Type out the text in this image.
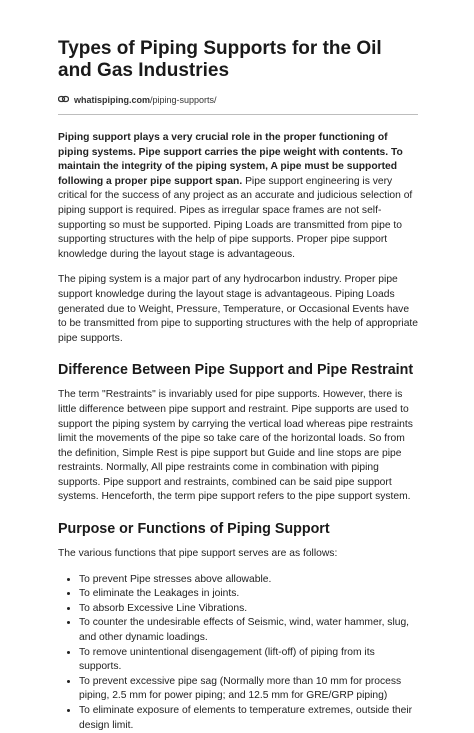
Types of Piping Supports for the Oil and Gas Industries
whatispiping.com/piping-supports/

Piping support plays a very crucial role in the proper functioning of piping systems. Pipe support carries the pipe weight with contents. To maintain the integrity of the piping system, A pipe must be supported following a proper pipe support span. Pipe support engineering is very critical for the success of any project as an accurate and judicious selection of piping support is required. Pipes as irregular space frames are not self-supporting so must be supported. Piping Loads are transmitted from pipe to supporting structures with the help of pipe supports. Proper pipe support knowledge during the layout stage is advantageous.

The piping system is a major part of any hydrocarbon industry. Proper pipe support knowledge during the layout stage is advantageous. Piping Loads generated due to Weight, Pressure, Temperature, or Occasional Events have to be transmitted from pipe to supporting structures with the help of appropriate pipe supports.

Difference Between Pipe Support and Pipe Restraint

The term "Restraints" is invariably used for pipe supports. However, there is little difference between pipe support and restraint. Pipe supports are used to support the piping system by carrying the vertical load whereas pipe restraints limit the movements of the pipe so take care of the horizontal loads. So from the definition, Simple Rest is pipe support but Guide and line stops are pipe restraints. Normally, All pipe restraints come in combination with piping supports. Pipe support and restraints, combined can be said pipe support systems. Henceforth, the term pipe support refers to the pipe support system.

Purpose or Functions of Piping Support

The various functions that pipe support serves are as follows:

• To prevent Pipe stresses above allowable.
• To eliminate the Leakages in joints.
• To absorb Excessive Line Vibrations.
• To counter the undesirable effects of Seismic, wind, water hammer, slug, and other dynamic loadings.
• To remove unintentional disengagement (lift-off) of piping from its supports.
• To prevent excessive pipe sag (Normally more than 10 mm for process piping, 2.5 mm for power piping; and 12.5 mm for GRE/GRP piping)
• To eliminate exposure of elements to temperature extremes, outside their design limit.
